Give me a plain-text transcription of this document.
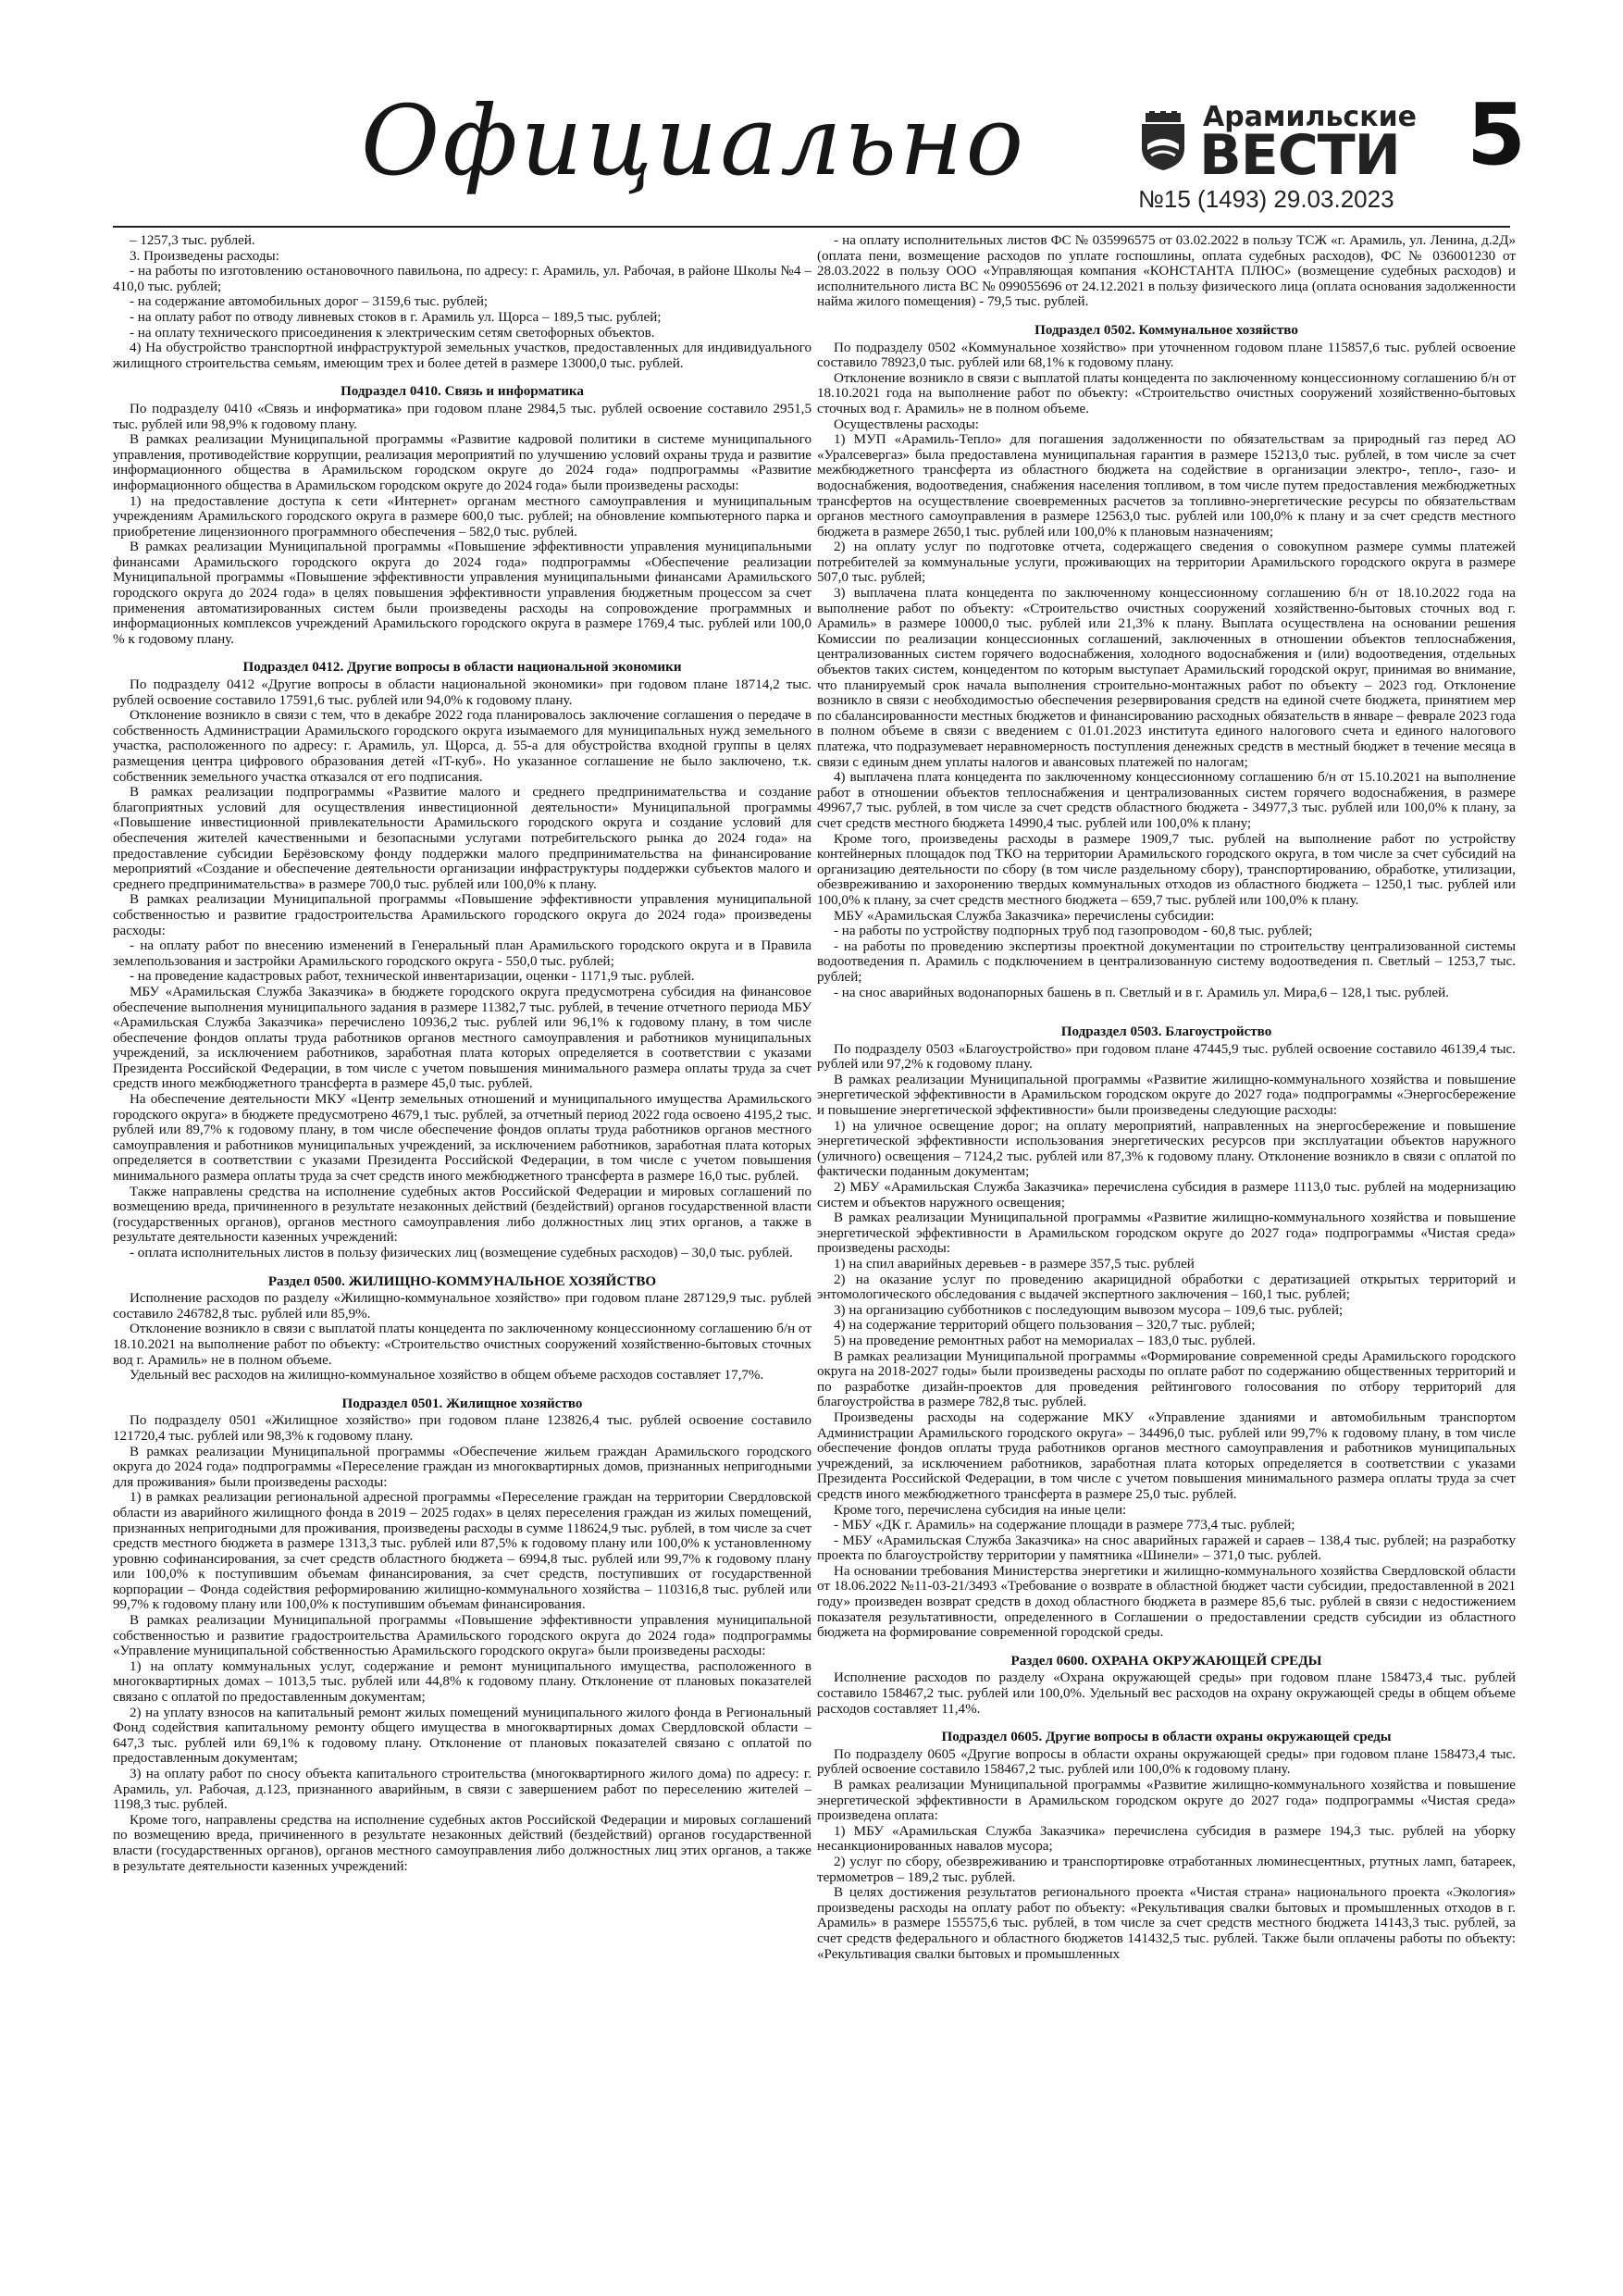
Официально	Арамильские
ВЕСТИ
№15 (1493) 29.03.2023
5

– 1257,3 тыс. рублей.

3. Произведены расходы:

- на работы по изготовлению остановочного павильона, по адресу: г. Арамиль, ул. Рабочая, в районе Школы №4 – 410,0 тыс. рублей;

- на содержание автомобильных дорог – 3159,6 тыс. рублей;

- на оплату работ по отводу ливневых стоков в г. Арамиль ул. Щорса – 189,5 тыс. рублей;

- на оплату технического присоединения к электрическим сетям светофорных объектов.

4) На обустройство транспортной инфраструктурой земельных участков, предоставленных для индивидуального жилищного строительства семьям, имеющим трех и более детей в размере 13000,0 тыс. рублей.

Подраздел 0410. Связь и информатика

По подразделу 0410 «Связь и информатика» при годовом плане 2984,5 тыс. рублей освоение составило 2951,5 тыс. рублей или 98,9% к годовому плану.

В рамках реализации Муниципальной программы «Развитие кадровой политики в системе муниципального управления, противодействие коррупции, реализация мероприятий по улучшению условий охраны труда и развитие информационного общества в Арамильском городском округе до 2024 года» подпрограммы «Развитие информационного общества в Арамильском городском округе до 2024 года» были произведены расходы:

1) на предоставление доступа к сети «Интернет» органам местного самоуправления и муниципальным учреждениям Арамильского городского округа в размере 600,0 тыс. рублей; на обновление компьютерного парка и приобретение лицензионного программного обеспечения – 582,0 тыс. рублей.

В рамках реализации Муниципальной программы «Повышение эффективности управления муниципальными финансами Арамильского городского округа до 2024 года» подпрограммы «Обеспечение реализации Муниципальной программы «Повышение эффективности управления муниципальными финансами Арамильского городского округа до 2024 года» в целях повышения эффективности управления бюджетным процессом за счет применения автоматизированных систем были произведены расходы на сопровождение программных и информационных комплексов учреждений Арамильского городского округа в размере 1769,4 тыс. рублей или 100,0 % к годовому плану.

Подраздел 0412. Другие вопросы в области национальной экономики

По подразделу 0412 «Другие вопросы в области национальной экономики» при годовом плане 18714,2 тыс. рублей освоение составило 17591,6 тыс. рублей или 94,0% к годовому плану.

Отклонение возникло в связи с тем, что в декабре 2022 года планировалось заключение соглашения о передаче в собственность Администрации Арамильского городского округа изымаемого для муниципальных нужд земельного участка, расположенного по адресу: г. Арамиль, ул. Щорса, д. 55-а для обустройства входной группы в целях размещения центра цифрового образования детей «IT-куб». Но указанное соглашение не было заключено, т.к. собственник земельного участка отказался от его подписания.

В рамках реализации подпрограммы «Развитие малого и среднего предпринимательства и создание благоприятных условий для осуществления инвестиционной деятельности» Муниципальной программы «Повышение инвестиционной привлекательности Арамильского городского округа и создание условий для обеспечения жителей качественными и безопасными услугами потребительского рынка до 2024 года» на предоставление субсидии Берёзовскому фонду поддержки малого предпринимательства на финансирование мероприятий «Создание и обеспечение деятельности организации инфраструктуры поддержки субъектов малого и среднего предпринимательства» в размере 700,0 тыс. рублей или 100,0% к плану.

В рамках реализации Муниципальной программы «Повышение эффективности управления муниципальной собственностью и развитие градостроительства Арамильского городского округа до 2024 года» произведены расходы:

- на оплату работ по внесению изменений в Генеральный план Арамильского городского округа и в Правила землепользования и застройки Арамильского городского округа - 550,0 тыс. рублей;

- на проведение кадастровых работ, технической инвентаризации, оценки - 1171,9 тыс. рублей.

МБУ «Арамильская Служба Заказчика» в бюджете городского округа предусмотрена субсидия на финансовое обеспечение выполнения муниципального задания в размере 11382,7 тыс. рублей, в течение отчетного периода МБУ «Арамильская Служба Заказчика» перечислено 10936,2 тыс. рублей или 96,1% к годовому плану, в том числе обеспечение фондов оплаты труда работников органов местного самоуправления и работников муниципальных учреждений, за исключением работников, заработная плата которых определяется в соответствии с указами Президента Российской Федерации, в том числе с учетом повышения минимального размера оплаты труда за счет средств иного межбюджетного трансферта в размере 45,0 тыс. рублей.

На обеспечение деятельности МКУ «Центр земельных отношений и муниципального имущества Арамильского городского округа» в бюджете предусмотрено 4679,1 тыс. рублей, за отчетный период 2022 года освоено 4195,2 тыс. рублей или 89,7% к годовому плану, в том числе обеспечение фондов оплаты труда работников органов местного самоуправления и работников муниципальных учреждений, за исключением работников, заработная плата которых определяется в соответствии с указами Президента Российской Федерации, в том числе с учетом повышения минимального размера оплаты труда за счет средств иного межбюджетного трансферта в размере 16,0 тыс. рублей.

Также направлены средства на исполнение судебных актов Российской Федерации и мировых соглашений по возмещению вреда, причиненного в результате незаконных действий (бездействий) органов государственной власти (государственных органов), органов местного самоуправления либо должностных лиц этих органов, а также в результате деятельности казенных учреждений:

- оплата исполнительных листов в пользу физических лиц (возмещение судебных расходов) – 30,0 тыс. рублей.

Раздел 0500. ЖИЛИЩНО-КОММУНАЛЬНОЕ ХОЗЯЙСТВО

Исполнение расходов по разделу «Жилищно-коммунальное хозяйство» при годовом плане 287129,9 тыс. рублей составило 246782,8 тыс. рублей или 85,9%.

Отклонение возникло в связи с выплатой платы концедента по заключенному концессионному соглашению б/н от 18.10.2021 на выполнение работ по объекту: «Строительство очистных сооружений хозяйственно-бытовых сточных вод г. Арамиль» не в полном объеме.

Удельный вес расходов на жилищно-коммунальное хозяйство в общем объеме расходов составляет 17,7%.

Подраздел 0501. Жилищное хозяйство

По подразделу 0501 «Жилищное хозяйство» при годовом плане 123826,4 тыс. рублей освоение составило 121720,4 тыс. рублей или 98,3% к годовому плану.

В рамках реализации Муниципальной программы «Обеспечение жильем граждан Арамильского городского округа до 2024 года» подпрограммы «Переселение граждан из многоквартирных домов, признанных непригодными для проживания» были произведены расходы:

1) в рамках реализации региональной адресной программы «Переселение граждан на территории Свердловской области из аварийного жилищного фонда в 2019 – 2025 годах» в целях переселения граждан из жилых помещений, признанных непригодными для проживания, произведены расходы в сумме 118624,9 тыс. рублей, в том числе за счет средств местного бюджета в размере 1313,3 тыс. рублей или 87,5% к годовому плану или 100,0% к установленному уровню софинансирования, за счет средств областного бюджета – 6994,8 тыс. рублей или 99,7% к годовому плану или 100,0% к поступившим объемам финансирования, за счет средств, поступивших от государственной корпорации – Фонда содействия реформированию жилищно-коммунального хозяйства – 110316,8 тыс. рублей или 99,7% к годовому плану или 100,0% к поступившим объемам финансирования.

В рамках реализации Муниципальной программы «Повышение эффективности управления муниципальной собственностью и развитие градостроительства Арамильского городского округа до 2024 года» подпрограммы «Управление муниципальной собственностью Арамильского городского округа» были произведены расходы:

1) на оплату коммунальных услуг, содержание и ремонт муниципального имущества, расположенного в многоквартирных домах – 1013,5 тыс. рублей или 44,8% к годовому плану. Отклонение от плановых показателей связано с оплатой по предоставленным документам;

2) на уплату взносов на капитальный ремонт жилых помещений муниципального жилого фонда в Региональный Фонд содействия капитальному ремонту общего имущества в многоквартирных домах Свердловской области – 647,3 тыс. рублей или 69,1% к годовому плану. Отклонение от плановых показателей связано с оплатой по предоставленным документам;

3) на оплату работ по сносу объекта капитального строительства (многоквартирного жилого дома) по адресу: г. Арамиль, ул. Рабочая, д.123, признанного аварийным, в связи с завершением работ по переселению жителей – 1198,3 тыс. рублей.

Кроме того, направлены средства на исполнение судебных актов Российской Федерации и мировых соглашений по возмещению вреда, причиненного в результате незаконных действий (бездействий) органов государственной власти (государственных органов), органов местного самоуправления либо должностных лиц этих органов, а также в результате деятельности казенных учреждений:

- на оплату исполнительных листов ФС № 035996575 от 03.02.2022 в пользу ТСЖ «г. Арамиль, ул. Ленина, д.2Д» (оплата пени, возмещение расходов по уплате госпошлины, оплата судебных расходов), ФС № 036001230 от 28.03.2022 в пользу ООО «Управляющая компания «КОНСТАНТА ПЛЮС» (возмещение судебных расходов) и исполнительного листа ВС № 099055696 от 24.12.2021 в пользу физического лица (оплата основания задолженности найма жилого помещения) - 79,5 тыс. рублей.

Подраздел 0502. Коммунальное хозяйство

По подразделу 0502 «Коммунальное хозяйство» при уточненном годовом плане 115857,6 тыс. рублей освоение составило 78923,0 тыс. рублей или 68,1% к годовому плану.

Отклонение возникло в связи с выплатой платы концедента по заключенному концессионному соглашению б/н от 18.10.2021 года на выполнение работ по объекту: «Строительство очистных сооружений хозяйственно-бытовых сточных вод г. Арамиль» не в полном объеме.

Осуществлены расходы:

1) МУП «Арамиль-Тепло» для погашения задолженности по обязательствам за природный газ перед АО «Уралсевергаз» была предоставлена муниципальная гарантия в размере 15213,0 тыс. рублей, в том числе за счет межбюджетного трансферта из областного бюджета на содействие в организации электро-, тепло-, газо- и водоснабжения, водоотведения, снабжения населения топливом, в том числе путем предоставления межбюджетных трансфертов на осуществление своевременных расчетов за топливно-энергетические ресурсы по обязательствам органов местного самоуправления в размере 12563,0 тыс. рублей или 100,0% к плану и за счет средств местного бюджета в размере 2650,1 тыс. рублей или 100,0% к плановым назначениям;

2) на оплату услуг по подготовке отчета, содержащего сведения о совокупном размере суммы платежей потребителей за коммунальные услуги, проживающих на территории Арамильского городского округа в размере 507,0 тыс. рублей;

3) выплачена плата концедента по заключенному концессионному соглашению б/н от 18.10.2022 года на выполнение работ по объекту: «Строительство очистных сооружений хозяйственно-бытовых сточных вод г. Арамиль» в размере 10000,0 тыс. рублей или 21,3% к плану. Выплата осуществлена на основании решения Комиссии по реализации концессионных соглашений, заключенных в отношении объектов теплоснабжения, централизованных систем горячего водоснабжения, холодного водоснабжения и (или) водоотведения, отдельных объектов таких систем, концедентом по которым выступает Арамильский городской округ, принимая во внимание, что планируемый срок начала выполнения строительно-монтажных работ по объекту – 2023 год. Отклонение возникло в связи с необходимостью обеспечения резервирования средств на единой счете бюджета, принятием мер по сбалансированности местных бюджетов и финансированию расходных обязательств в январе – феврале 2023 года в полном объеме в связи с введением с 01.01.2023 института единого налогового счета и единого налогового платежа, что подразумевает неравномерность поступления денежных средств в местный бюджет в течение месяца в связи с единым днем уплаты налогов и авансовых платежей по налогам;

4) выплачена плата концедента по заключенному концессионному соглашению б/н от 15.10.2021 на выполнение работ в отношении объектов теплоснабжения и централизованных систем горячего водоснабжения, в размере 49967,7 тыс. рублей, в том числе за счет средств областного бюджета - 34977,3 тыс. рублей или 100,0% к плану, за счет средств местного бюджета 14990,4 тыс. рублей или 100,0% к плану;

Кроме того, произведены расходы в размере 1909,7 тыс. рублей на выполнение работ по устройству контейнерных площадок под ТКО на территории Арамильского городского округа, в том числе за счет субсидий на организацию деятельности по сбору (в том числе раздельному сбору), транспортированию, обработке, утилизации, обезвреживанию и захоронению твердых коммунальных отходов из областного бюджета – 1250,1 тыс. рублей или 100,0% к плану, за счет средств местного бюджета – 659,7 тыс. рублей или 100,0% к плану.

МБУ «Арамильская Служба Заказчика» перечислены субсидии:

- на работы по устройству подпорных труб под газопроводом - 60,8 тыс. рублей;

- на работы по проведению экспертизы проектной документации по строительству централизованной системы водоотведения п. Арамиль с подключением в централизованную систему водоотведения п. Светлый – 1253,7 тыс. рублей;

- на снос аварийных водонапорных башень в п. Светлый и в г. Арамиль ул. Мира,6 – 128,1 тыс. рублей.

Подраздел 0503. Благоустройство

По подразделу 0503 «Благоустройство» при годовом плане 47445,9 тыс. рублей освоение составило 46139,4 тыс. рублей или 97,2% к годовому плану.

В рамках реализации Муниципальной программы «Развитие жилищно-коммунального хозяйства и повышение энергетической эффективности в Арамильском городском округе до 2027 года» подпрограммы «Энергосбережение и повышение энергетической эффективности» были произведены следующие расходы:

1) на уличное освещение дорог; на оплату мероприятий, направленных на энергосбережение и повышение энергетической эффективности использования энергетических ресурсов при эксплуатации объектов наружного (уличного) освещения – 7124,2 тыс. рублей или 87,3% к годовому плану. Отклонение возникло в связи с оплатой по фактически поданным документам;

2) МБУ «Арамильская Служба Заказчика» перечислена субсидия в размере 1113,0 тыс. рублей на модернизацию систем и объектов наружного освещения;

В рамках реализации Муниципальной программы «Развитие жилищно-коммунального хозяйства и повышение энергетической эффективности в Арамильском городском округе до 2027 года» подпрограммы «Чистая среда» произведены расходы:

1) на спил аварийных деревьев - в размере 357,5 тыс. рублей

2) на оказание услуг по проведению акарицидной обработки с дератизацией открытых территорий и энтомологического обследования с выдачей экспертного заключения – 160,1 тыс. рублей;

3) на организацию субботников с последующим вывозом мусора – 109,6 тыс. рублей;

4) на содержание территорий общего пользования – 320,7 тыс. рублей;

5) на проведение ремонтных работ на мемориалах – 183,0 тыс. рублей.

В рамках реализации Муниципальной программы «Формирование современной среды Арамильского городского округа на 2018-2027 годы» были произведены расходы по оплате работ по содержанию общественных территорий и по разработке дизайн-проектов для проведения рейтингового голосования по отбору территорий для благоустройства в размере 782,8 тыс. рублей.

Произведены расходы на содержание МКУ «Управление зданиями и автомобильным транспортом Администрации Арамильского городского округа» – 34496,0 тыс. рублей или 99,7% к годовому плану, в том числе обеспечение фондов оплаты труда работников органов местного самоуправления и работников муниципальных учреждений, за исключением работников, заработная плата которых определяется в соответствии с указами Президента Российской Федерации, в том числе с учетом повышения минимального размера оплаты труда за счет средств иного межбюджетного трансферта в размере 25,0 тыс. рублей.

Кроме того, перечислена субсидия на иные цели:

- МБУ «ДК г. Арамиль» на содержание площади в размере 773,4 тыс. рублей;

- МБУ «Арамильская Служба Заказчика» на снос аварийных гаражей и сараев – 138,4 тыс. рублей; на разработку проекта по благоустройству территории у памятника «Шинели» – 371,0 тыс. рублей.

На основании требования Министерства энергетики и жилищно-коммунального хозяйства Свердловской области от 18.06.2022 №11-03-21/3493 «Требование о возврате в областной бюджет части субсидии, предоставленной в 2021 году» произведен возврат средств в доход областного бюджета в размере 85,6 тыс. рублей в связи с недостижением показателя результативности, определенного в Соглашении о предоставлении средств субсидии из областного бюджета на формирование современной городской среды.

Раздел 0600. ОХРАНА ОКРУЖАЮЩЕЙ СРЕДЫ

Исполнение расходов по разделу «Охрана окружающей среды» при годовом плане 158473,4 тыс. рублей составило 158467,2 тыс. рублей или 100,0%. Удельный вес расходов на охрану окружающей среды в общем объеме расходов составляет 11,4%.

Подраздел 0605. Другие вопросы в области охраны окружающей среды

По подразделу 0605 «Другие вопросы в области охраны окружающей среды» при годовом плане 158473,4 тыс. рублей освоение составило 158467,2 тыс. рублей или 100,0% к годовому плану.

В рамках реализации Муниципальной программы «Развитие жилищно-коммунального хозяйства и повышение энергетической эффективности в Арамильском городском округе до 2027 года» подпрограммы «Чистая среда» произведена оплата:

1) МБУ «Арамильская Служба Заказчика» перечислена субсидия в размере 194,3 тыс. рублей на уборку несанкционированных навалов мусора;

2) услуг по сбору, обезвреживанию и транспортировке отработанных люминесцентных, ртутных ламп, батареек, термометров – 189,2 тыс. рублей.

В целях достижения результатов регионального проекта «Чистая страна» национального проекта «Экология» произведены расходы на оплату работ по объекту: «Рекультивация свалки бытовых и промышленных отходов в г. Арамиль» в размере 155575,6 тыс. рублей, в том числе за счет средств местного бюджета 14143,3 тыс. рублей, за счет средств федерального и областного бюджетов 141432,5 тыс. рублей. Также были оплачены работы по объекту: «Рекультивация свалки бытовых и промышленных
